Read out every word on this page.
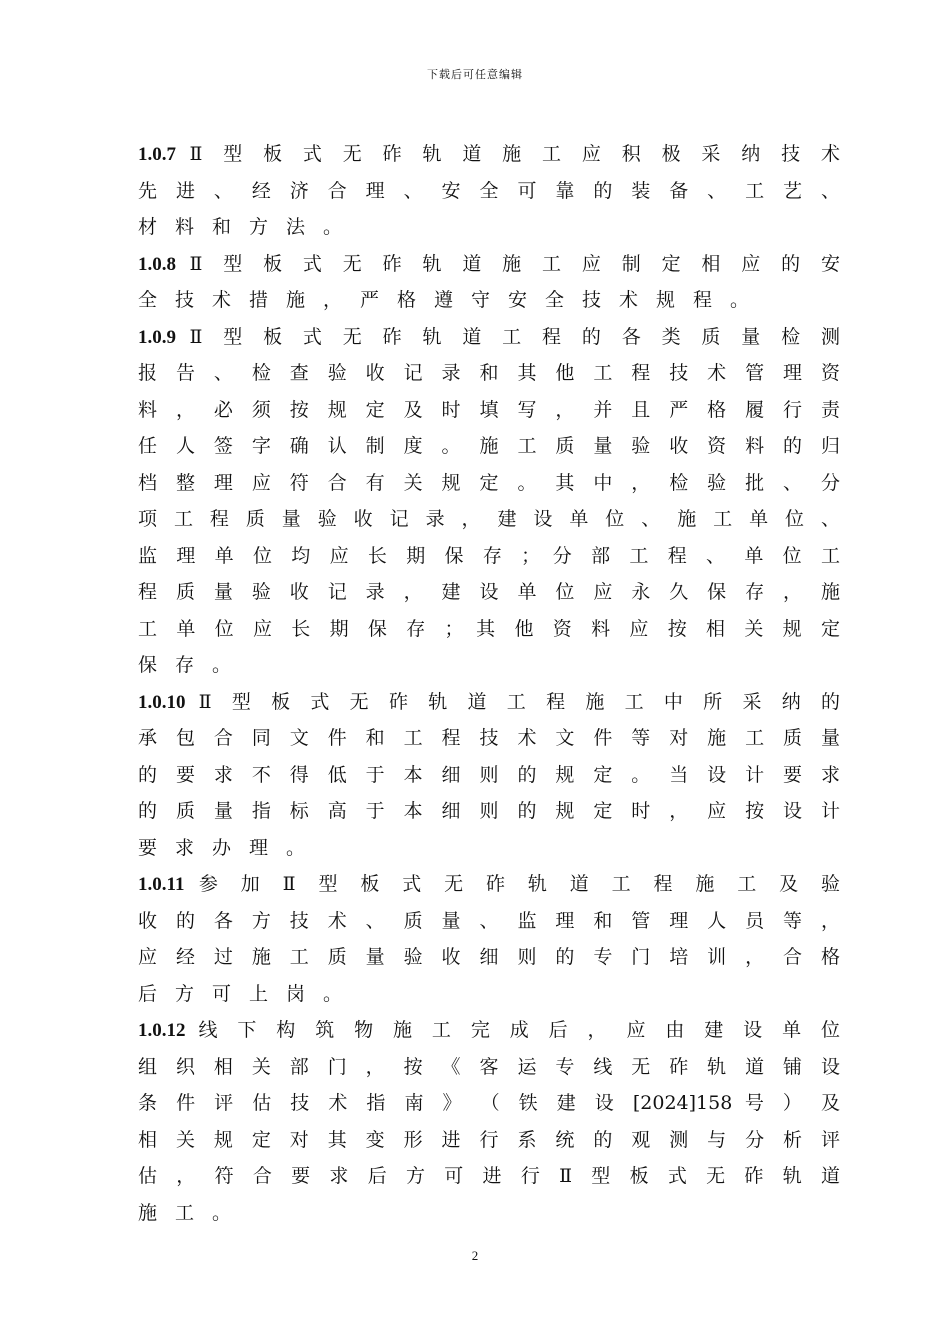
下载后可任意编辑
1.0.7 Ⅱ 型 板 式 无 砟 轨 道 施 工 应 积 极 采 纳 技 术
先 进 、 经 济 合 理 、 安 全 可 靠 的 装 备 、 工 艺 、
材料和方法。
1.0.8 Ⅱ 型 板 式 无 砟 轨 道 施 工 应 制 定 相 应 的 安
全技术措施，严格遵守安全技术规程。
1.0.9 Ⅱ 型 板 式 无 砟 轨 道 工 程 的 各 类 质 量 检 测
报 告 、 检 查 验 收 记 录 和 其 他 工 程 技 术 管 理 资
料 ， 必 须 按 规 定 及 时 填 写 ， 并 且 严 格 履 行 责
任 人 签 字 确 认 制 度 。 施 工 质 量 验 收 资 料 的 归
档 整 理 应 符 合 有 关 规 定 。 其 中 ， 检 验 批 、 分
项 工 程 质 量 验 收 记 录 ， 建 设 单 位 、 施 工 单 位 、
监 理 单 位 均 应 长 期 保 存 ； 分 部 工 程 、 单 位 工
程 质 量 验 收 记 录 ， 建 设 单 位 应 永 久 保 存 ， 施
工 单 位 应 长 期 保 存 ； 其 他 资 料 应 按 相 关 规 定
保存。
1.0.10 Ⅱ 型 板 式 无 砟 轨 道 工 程 施 工 中 所 采 纳 的
承 包 合 同 文 件 和 工 程 技 术 文 件 等 对 施 工 质 量
的 要 求 不 得 低 于 本 细 则 的 规 定 。 当 设 计 要 求
的 质 量 指 标 高 于 本 细 则 的 规 定 时 ， 应 按 设 计
要求办理。
1.0.11 参 加 Ⅱ 型 板 式 无 砟 轨 道 工 程 施 工 及 验
收 的 各 方 技 术 、 质 量 、 监 理 和 管 理 人 员 等 ，
应 经 过 施 工 质 量 验 收 细 则 的 专 门 培 训 ， 合 格
后方可上岗。
1.0.12 线 下 构 筑 物 施 工 完 成 后 ， 应 由 建 设 单 位
组 织 相 关 部 门 ， 按 《 客 运 专 线 无 砟 轨 道 铺 设
条 件 评 估 技 术 指 南 》 （ 铁 建 设 [2024]158 号 ） 及
相 关 规 定 对 其 变 形 进 行 系 统 的 观 测 与 分 析 评
估 ， 符 合 要 求 后 方 可 进 行 Ⅱ 型 板 式 无 砟 轨 道
施工。
2
